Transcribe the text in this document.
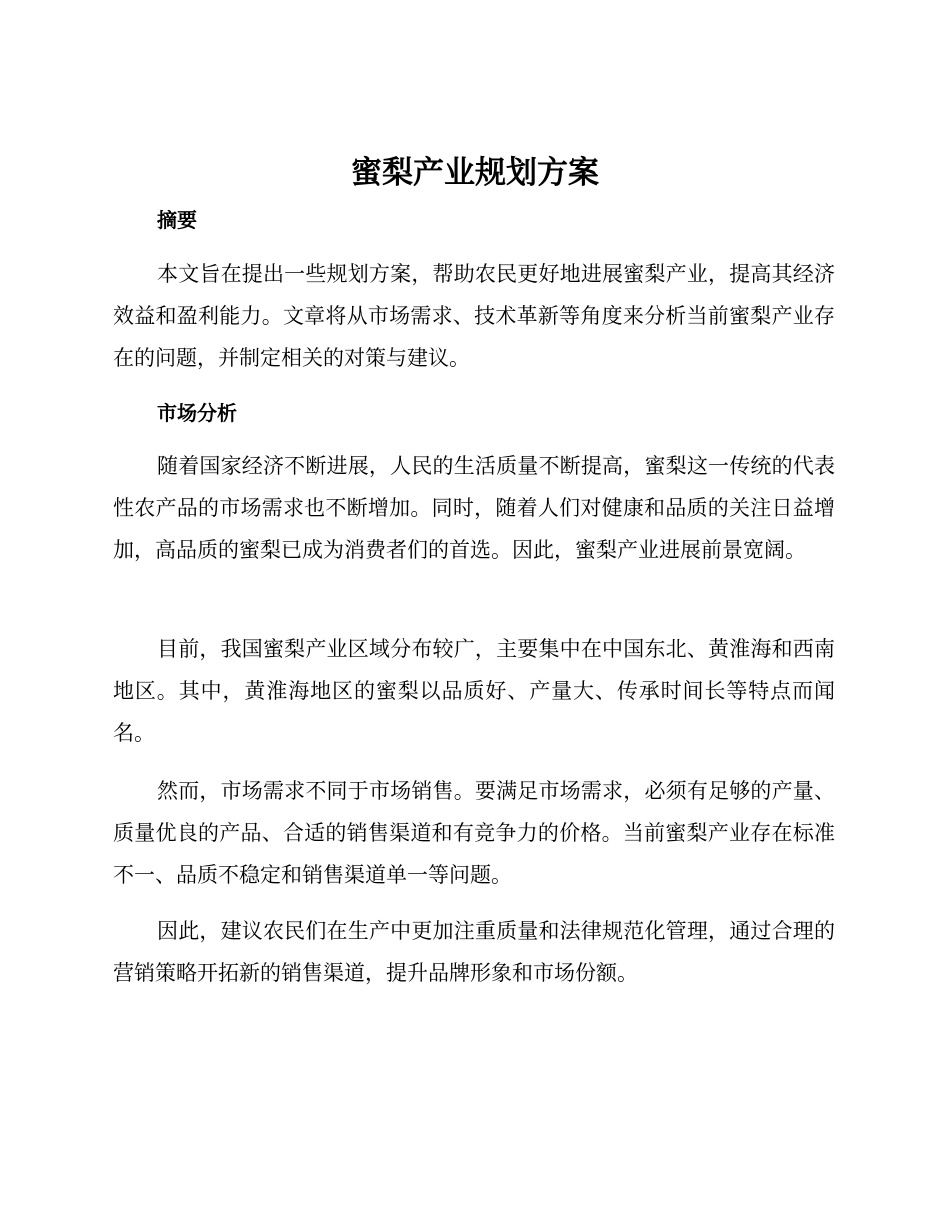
蜜梨产业规划方案
摘要

本文旨在提出一些规划方案，帮助农民更好地进展蜜梨产业，提高其经济效益和盈利能力。文章将从市场需求、技术革新等角度来分析当前蜜梨产业存在的问题，并制定相关的对策与建议。

市场分析

随着国家经济不断进展，人民的生活质量不断提高，蜜梨这一传统的代表性农产品的市场需求也不断增加。同时，随着人们对健康和品质的关注日益增加，高品质的蜜梨已成为消费者们的首选。因此，蜜梨产业进展前景宽阔。

目前，我国蜜梨产业区域分布较广，主要集中在中国东北、黄淮海和西南地区。其中，黄淮海地区的蜜梨以品质好、产量大、传承时间长等特点而闻名。

然而，市场需求不同于市场销售。要满足市场需求，必须有足够的产量、质量优良的产品、合适的销售渠道和有竞争力的价格。当前蜜梨产业存在标准不一、品质不稳定和销售渠道单一等问题。

因此，建议农民们在生产中更加注重质量和法律规范化管理，通过合理的营销策略开拓新的销售渠道，提升品牌形象和市场份额。
